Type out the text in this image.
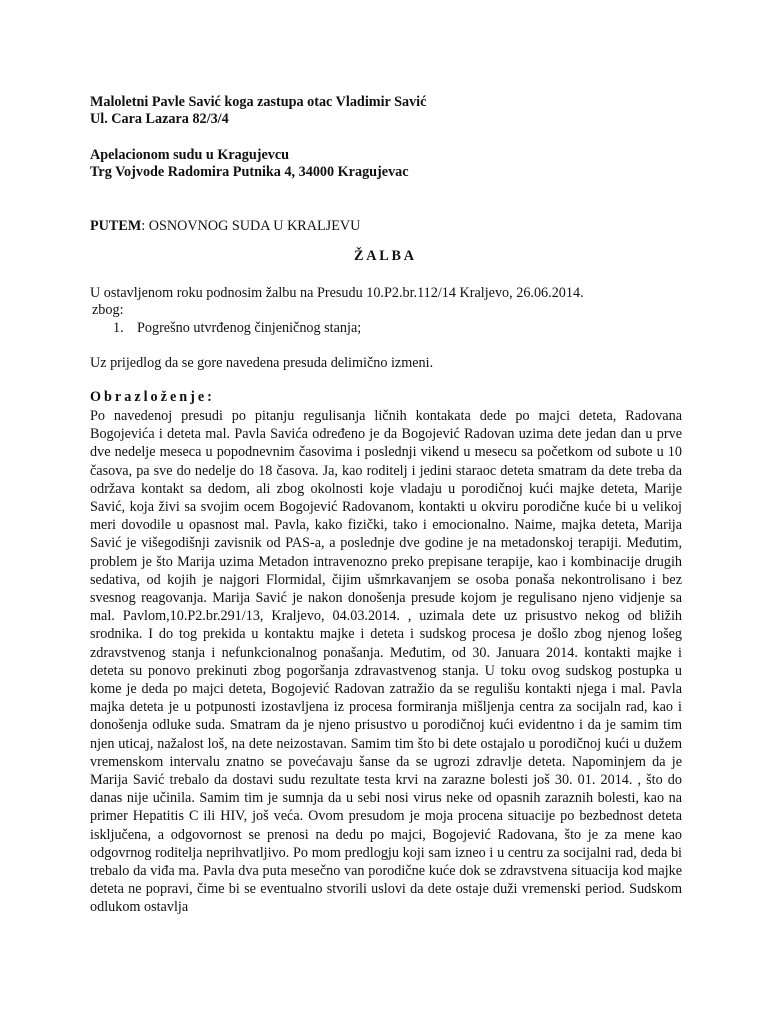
Maloletni Pavle Savić koga zastupa otac Vladimir Savić
Ul. Cara Lazara 82/3/4
Apelacionom sudu u Kragujevcu
Trg Vojvode Radomira Putnika 4, 34000 Kragujevac
PUTEM: OSNOVNOG SUDA U KRALJEVU
Ž A L B A
U ostavljenom roku podnosim žalbu na Presudu 10.P2.br.112/14 Kraljevo, 26.06.2014.
zbog:
1. Pogrešno utvrđenog činjeničnog stanja;
Uz prijedlog da se gore navedena presuda delimično izmeni.
Obrazloženje:
Po navedenoj presudi po pitanju regulisanja ličnih kontakata dede po majci deteta, Radovana Bogojevića i deteta mal. Pavla Savića određeno je da Bogojević Radovan uzima dete jedan dan u prve dve nedelje meseca u popodnevnim časovima i poslednji vikend u mesecu sa početkom od subote u 10 časova, pa sve do nedelje do 18 časova. Ja, kao roditelj i jedini staraoc deteta smatram da dete treba da održava kontakt sa dedom, ali zbog okolnosti koje vladaju u porodičnoj kući majke deteta, Marije Savić, koja živi sa svojim ocem Bogojević Radovanom, kontakti u okviru porodične kuće bi u velikoj meri dovodile u opasnost mal. Pavla, kako fizički, tako i emocionalno. Naime, majka deteta, Marija Savić je višegodišnji zavisnik od PAS-a, a poslednje dve godine je na metadonskoj terapiji. Međutim, problem je što Marija uzima Metadon intravenozno preko prepisane terapije, kao i kombinacije drugih sedativa, od kojih je najgori Flormidal, čijim ušmrkavanjem se osoba ponaša nekontrolisano i bez svesnog reagovanja. Marija Savić je nakon donošenja presude kojom je regulisano njeno vidjenje sa mal. Pavlom,10.P2.br.291/13, Kraljevo, 04.03.2014. , uzimala dete uz prisustvo nekog od bližih srodnika. I do tog prekida u kontaktu majke i deteta i sudskog procesa je došlo zbog njenog lošeg zdravstvenog stanja i nefunkcionalnog ponašanja. Međutim, od 30. Januara 2014. kontakti majke i deteta su ponovo prekinuti zbog pogoršanja zdravastvenog stanja. U toku ovog sudskog postupka u kome je deda po majci deteta, Bogojević Radovan zatražio da se regulišu kontakti njega i mal. Pavla majka deteta je u potpunosti izostavljena iz procesa formiranja mišljenja centra za socijaln rad, kao i donošenja odluke suda. Smatram da je njeno prisustvo u porodičnoj kući evidentno i da je samim tim njen uticaj, nažalost loš, na dete neizostavan. Samim tim što bi dete ostajalo u porodičnoj kući u dužem vremenskom intervalu znatno se povećavaju šanse da se ugrozi zdravlje deteta. Napominjem da je Marija Savić trebalo da dostavi sudu rezultate testa krvi na zarazne bolesti još 30. 01. 2014. , što do danas nije učinila. Samim tim je sumnja da u sebi nosi virus neke od opasnih zaraznih bolesti, kao na primer Hepatitis C ili HIV, još veća. Ovom presudom je moja procena situacije po bezbednost deteta isključena, a odgovornost se prenosi na dedu po majci, Bogojević Radovana, što je za mene kao odgovrnog roditelja neprihvatljivo. Po mom predlogju koji sam izneo i u centru za socijalni rad, deda bi trebalo da viđa ma. Pavla dva puta mesečno van porodične kuće dok se zdravstvena situacija kod majke deteta ne popravi, čime bi se eventualno stvorili uslovi da dete ostaje duži vremenski period. Sudskom odlukom ostavlja
